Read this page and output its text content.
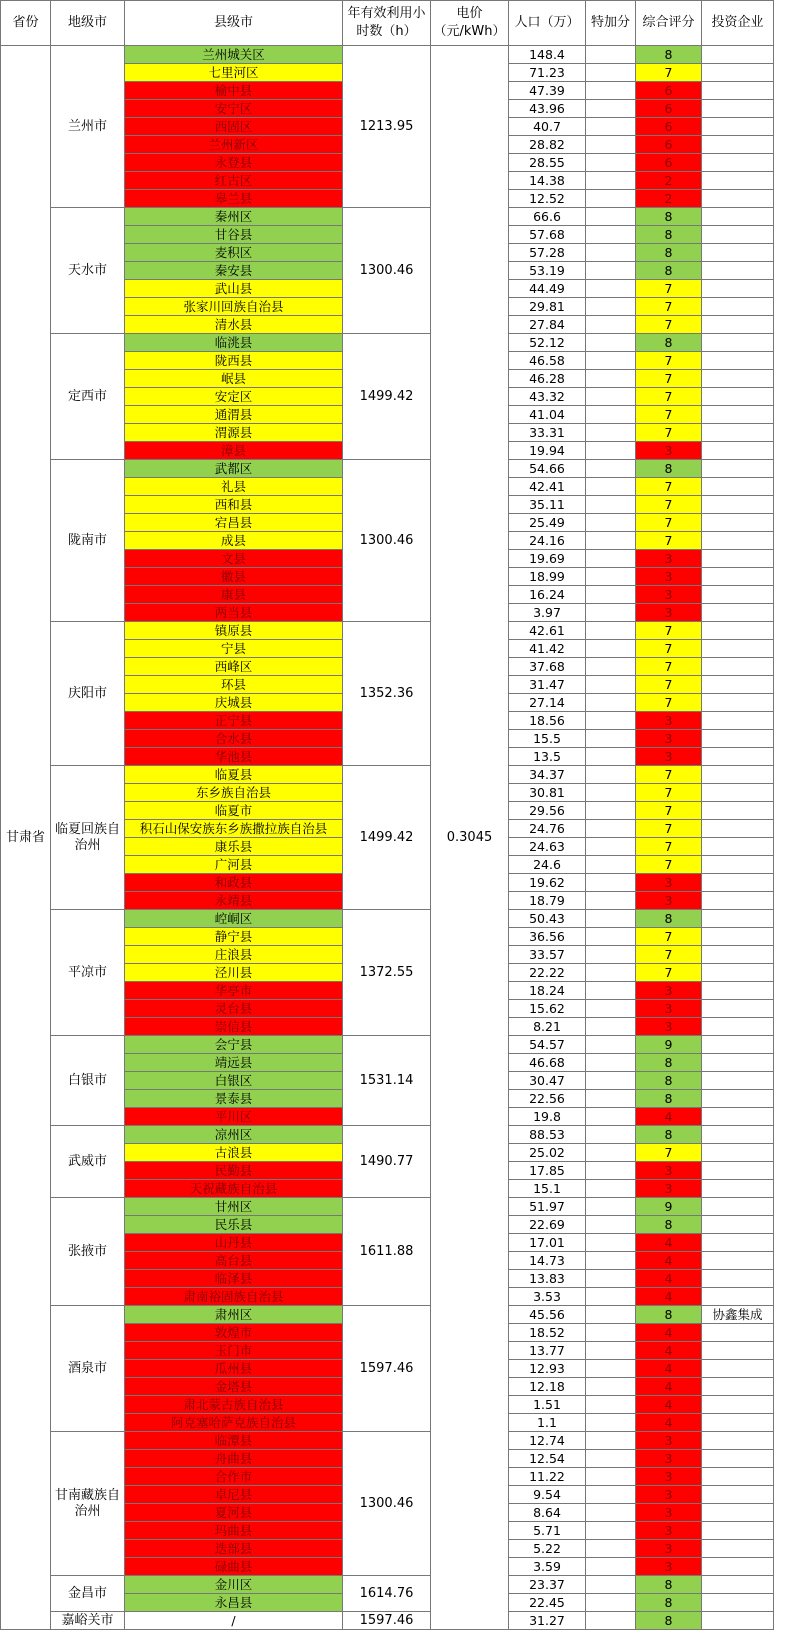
省份	地级市	县级市	年有效利用小时数（h）	电价（元/kWh）	人口（万）	特加分	综合评分	投资企业
甘肃省	兰州市	兰州城关区	1213.95	0.3045	148.4		8	
		七里河区			71.23		7	
		榆中县			47.39		6	
		安宁区			43.96		6	
		西固区			40.7		6	
		兰州新区			28.82		6	
		永登县			28.55		6	
		红古区			14.38		2	
		皋兰县			12.52		2	
	天水市	秦州区	1300.46		66.6		8	
		甘谷县			57.68		8	
		麦积区			57.28		8	
		秦安县			53.19		8	
		武山县			44.49		7	
		张家川回族自治县			29.81		7	
		清水县			27.84		7	
	定西市	临洮县	1499.42		52.12		8	
		陇西县			46.58		7	
		岷县			46.28		7	
		安定区			43.32		7	
		通渭县			41.04		7	
		渭源县			33.31		7	
		漳县			19.94		3	
	陇南市	武都区	1300.46		54.66		8	
		礼县			42.41		7	
		西和县			35.11		7	
		宕昌县			25.49		7	
		成县			24.16		7	
		文县			19.69		3	
		徽县			18.99		3	
		康县			16.24		3	
		两当县			3.97		3	
	庆阳市	镇原县	1352.36		42.61		7	
		宁县			41.42		7	
		西峰区			37.68		7	
		环县			31.47		7	
		庆城县			27.14		7	
		正宁县			18.56		3	
		合水县			15.5		3	
		华池县			13.5		3	
	临夏回族自治州	临夏县	1499.42		34.37		7	
		东乡族自治县			30.81		7	
		临夏市			29.56		7	
		积石山保安族东乡族撒拉族自治县			24.76		7	
		康乐县			24.63		7	
		广河县			24.6		7	
		和政县			19.62		3	
		永靖县			18.79		3	
	平凉市	崆峒区	1372.55		50.43		8	
		静宁县			36.56		7	
		庄浪县			33.57		7	
		泾川县			22.22		7	
		华亭市			18.24		3	
		灵台县			15.62		3	
		崇信县			8.21		3	
	白银市	会宁县	1531.14		54.57		9	
		靖远县			46.68		8	
		白银区			30.47		8	
		景泰县			22.56		8	
		平川区			19.8		4	
	武威市	凉州区	1490.77		88.53		8	
		古浪县			25.02		7	
		民勤县			17.85		3	
		天祝藏族自治县			15.1		3	
	张掖市	甘州区	1611.88		51.97		9	
		民乐县			22.69		8	
		山丹县			17.01		4	
		高台县			14.73		4	
		临泽县			13.83		4	
		肃南裕固族自治县			3.53		4	
	酒泉市	肃州区	1597.46		45.56		8	协鑫集成
		敦煌市			18.52		4	
		玉门市			13.77		4	
		瓜州县			12.93		4	
		金塔县			12.18		4	
		肃北蒙古族自治县			1.51		4	
		阿克塞哈萨克族自治县			1.1		4	
	甘南藏族自治州	临潭县	1300.46		12.74		3	
		舟曲县			12.54		3	
		合作市			11.22		3	
		卓尼县			9.54		3	
		夏河县			8.64		3	
		玛曲县			5.71		3	
		迭部县			5.22		3	
		碌曲县			3.59		3	
	金昌市	金川区	1614.76		23.37		8	
		永昌县			22.45		8	
	嘉峪关市	/	1597.46		31.27		8	
